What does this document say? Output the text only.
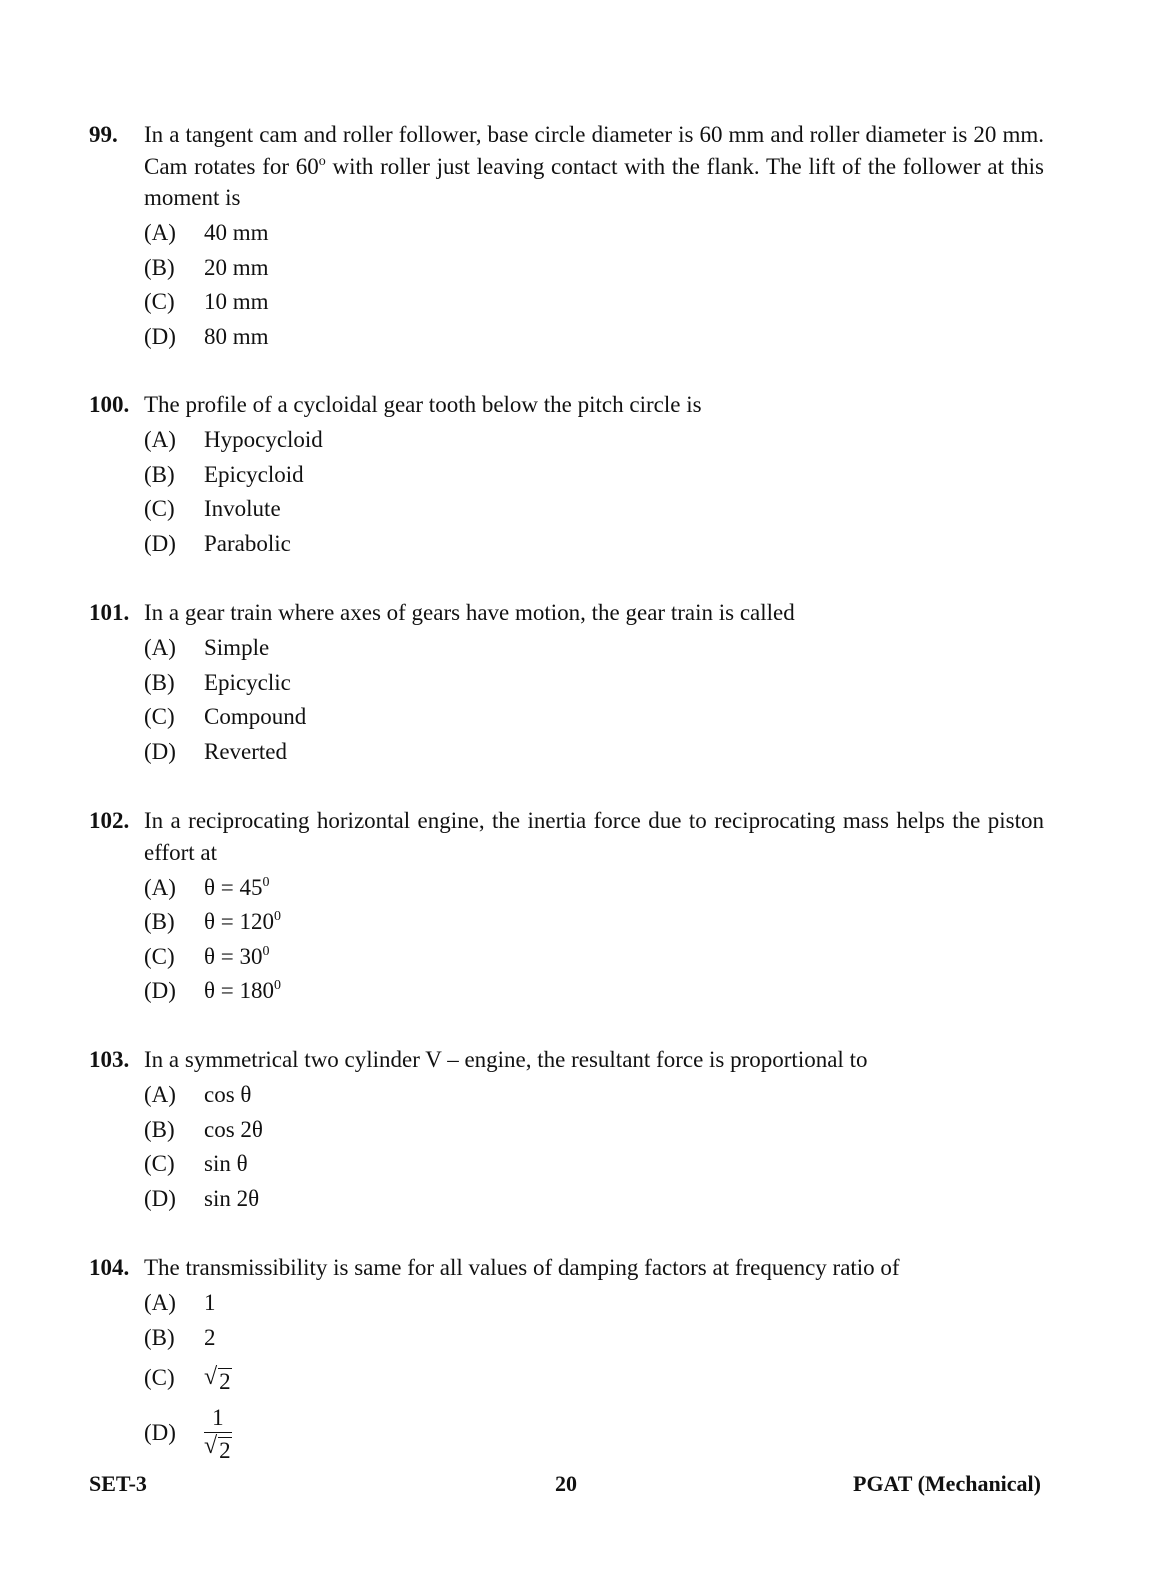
99. In a tangent cam and roller follower, base circle diameter is 60 mm and roller diameter is 20 mm. Cam rotates for 60$^o$ with roller just leaving contact with the flank. The lift of the follower at this moment is
(A)	40 mm
(B)	20 mm
(C)	10 mm
(D)	80 mm
100. The profile of a cycloidal gear tooth below the pitch circle is
(A)	Hypocycloid
(B)	Epicycloid
(C)	Involute
(D)	Parabolic
101. In a gear train where axes of gears have motion, the gear train is called
(A)	Simple
(B)	Epicyclic
(C)	Compound
(D)	Reverted
102. In a reciprocating horizontal engine, the inertia force due to reciprocating mass helps the piston effort at
(A)	$\theta = 45^0$
(B)	$\theta = 120^0$
(C)	$\theta = 30^0$
(D)	$\theta = 180^0$
103. In a symmetrical two cylinder V – engine, the resultant force is proportional to
(A)	cos θ
(B)	cos 2θ
(C)	sin θ
(D)	sin 2θ
104. The transmissibility is same for all values of damping factors at frequency ratio of
(A)	1
(B)	2
(C)	√ 2
(D)	$\frac{1}{√ 2}$
SET-3	20	PGAT (Mechanical)
